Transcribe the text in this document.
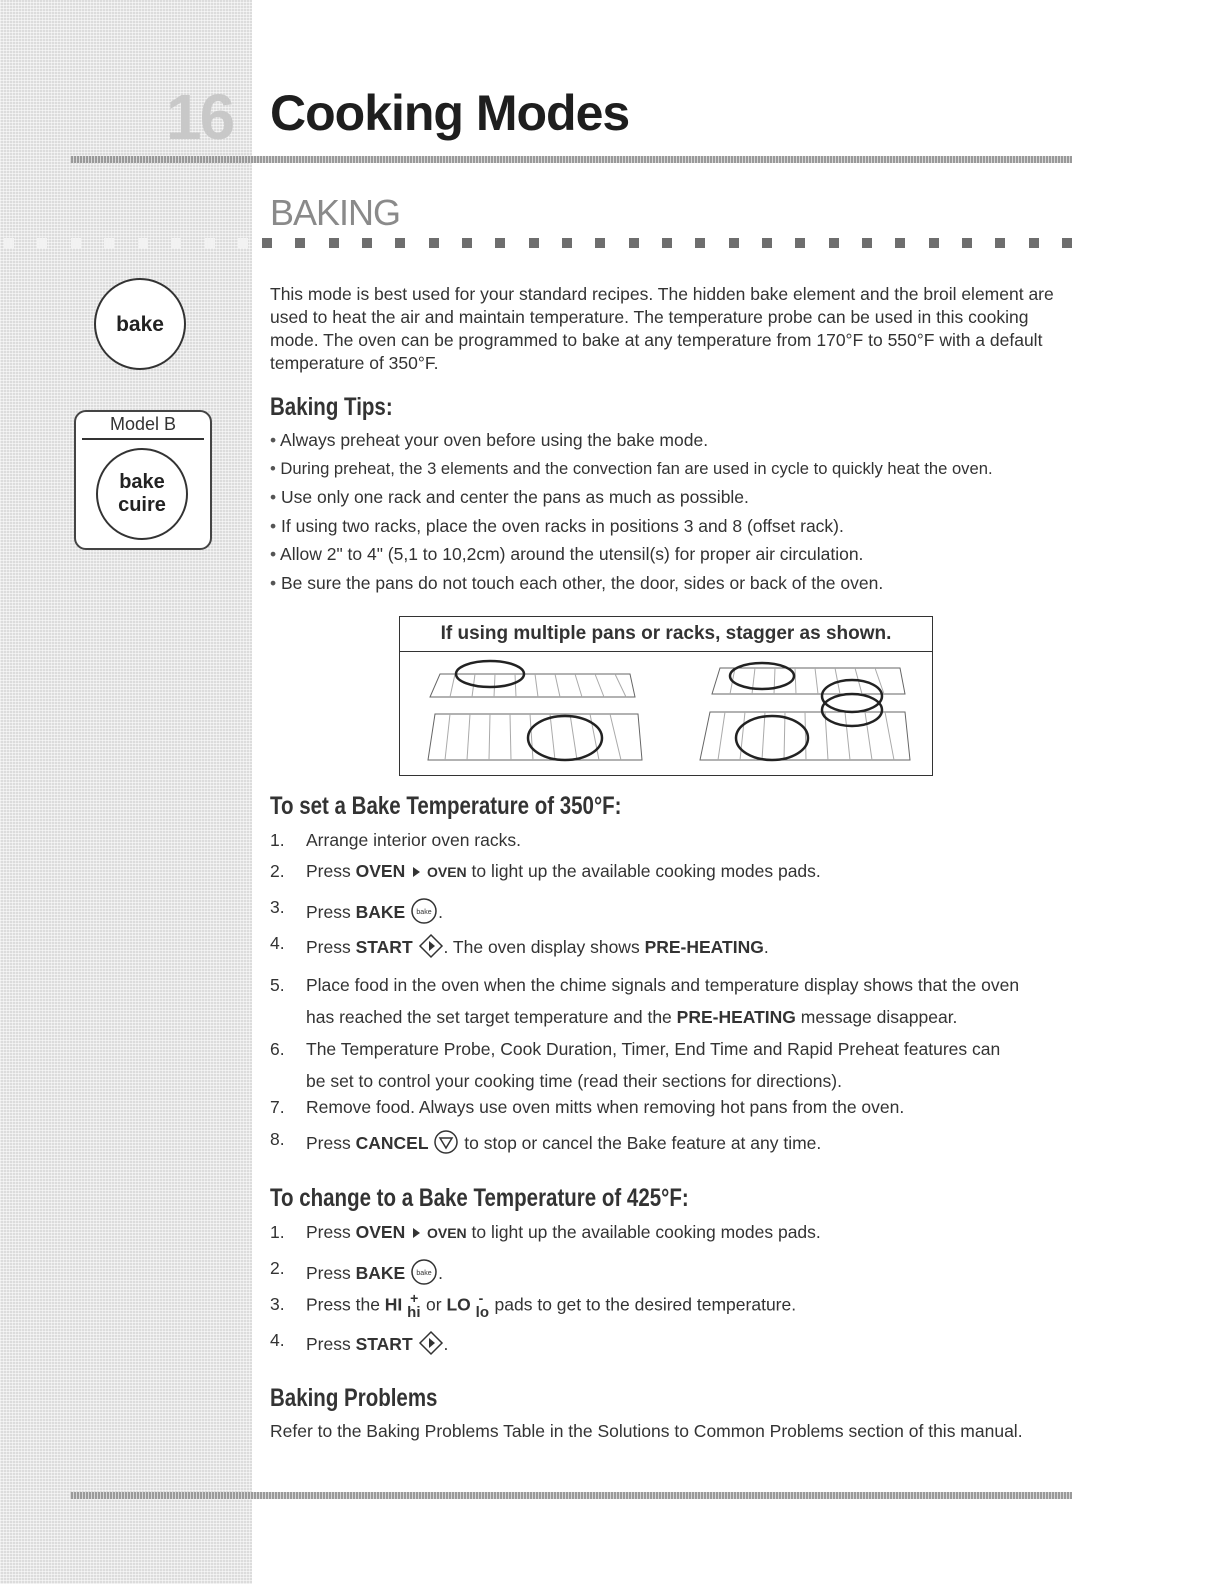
16 Cooking Modes
BAKING
bake
Model B
bake
cuire
This mode is best used for your standard recipes. The hidden bake element and the broil element are used to heat the air and maintain temperature. The temperature probe can be used in this cooking mode. The oven can be programmed to bake at any temperature from 170°F to 550°F with a default temperature of 350°F.
Baking Tips:
• Always preheat your oven before using the bake mode.
• During preheat, the 3 elements and the convection fan are used in cycle to quickly heat the oven.
• Use only one rack and center the pans as much as possible.
• If using two racks, place the oven racks in positions 3 and 8 (offset rack).
• Allow 2" to 4" (5,1 to 10,2cm) around the utensil(s) for proper air circulation.
• Be sure the pans do not touch each other, the door, sides or back of the oven.
If using multiple pans or racks, stagger as shown.
To set a Bake Temperature of 350°F:
1. Arrange interior oven racks.
2. Press OVEN OVEN to light up the available cooking modes pads.
3. Press BAKE bake .
4. Press START . The oven display shows PRE-HEATING.
5. Place food in the oven when the chime signals and temperature display shows that the oven
has reached the set target temperature and the PRE-HEATING message disappear.
6. The Temperature Probe, Cook Duration, Timer, End Time and Rapid Preheat features can
be set to control your cooking time (read their sections for directions).
7. Remove food. Always use oven mitts when removing hot pans from the oven.
8. Press CANCEL  to stop or cancel the Bake feature at any time.
To change to a Bake Temperature of 425°F:
1. Press OVEN OVEN to light up the available cooking modes pads.
2. Press BAKE bake .
3. Press the HI +
hi or LO -
lo pads to get to the desired temperature.
4. Press START .
Baking Problems
Refer to the Baking Problems Table in the Solutions to Common Problems section of this manual.
